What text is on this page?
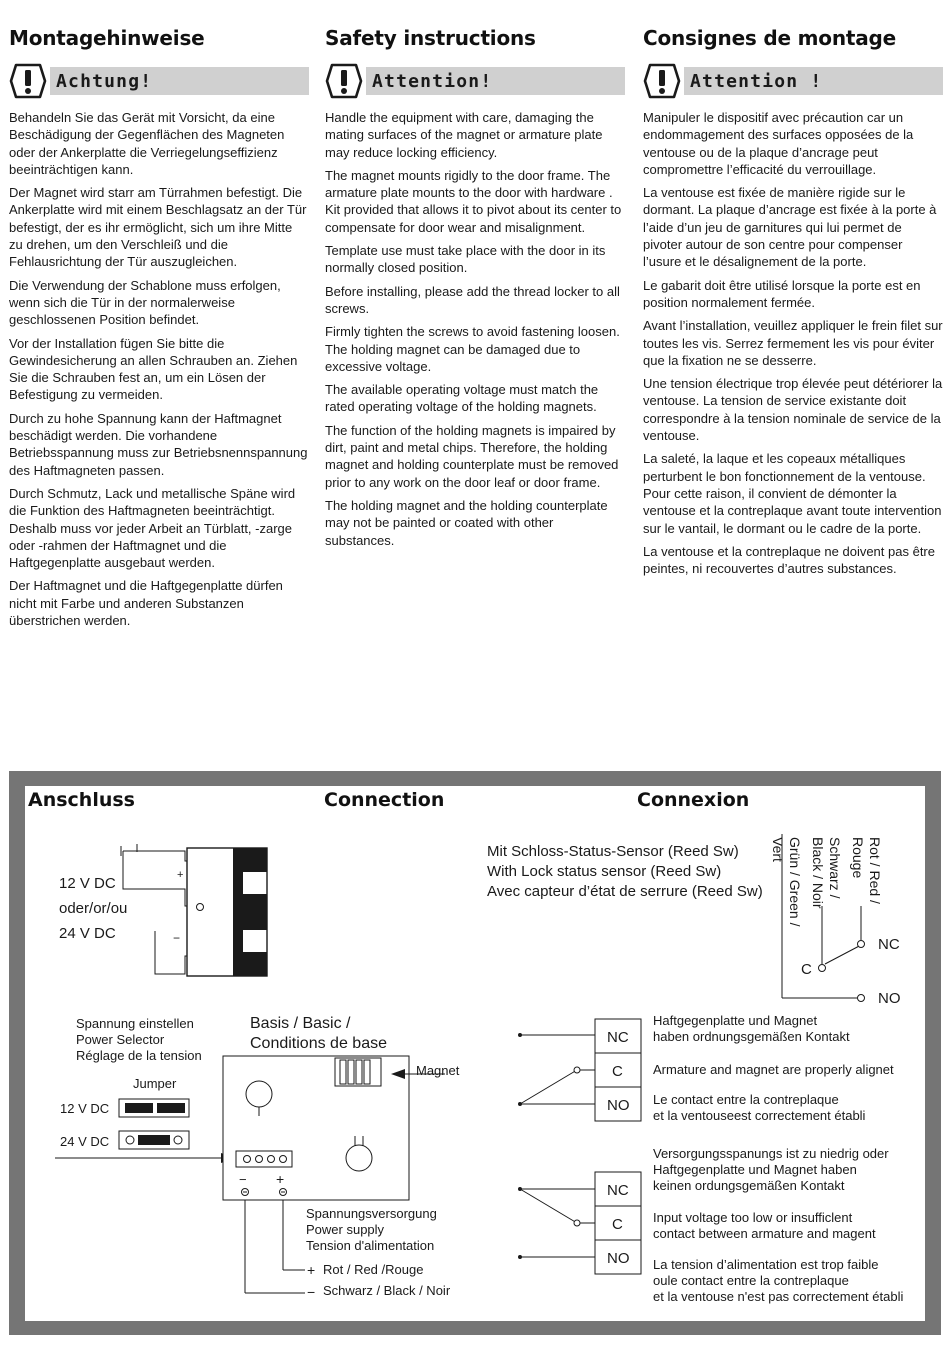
Montagehinweise
Achtung!

Behandeln Sie das Gerät mit Vorsicht, da eine Beschädigung der Gegenflächen des Magneten oder der Ankerplatte die Verriegelungseffizienz beeinträchtigen kann.

Der Magnet wird starr am Türrahmen befestigt. Die Ankerplatte wird mit einem Beschlagsatz an der Tür befestigt, der es ihr ermöglicht, sich um ihre Mitte zu drehen, um den Verschleiß und die Fehlausrichtung der Tür auszugleichen.

Die Verwendung der Schablone muss erfolgen, wenn sich die Tür in der normalerweise geschlossenen Position befindet.

Vor der Installation fügen Sie bitte die Gewindesicherung an allen Schrauben an. Ziehen Sie die Schrauben fest an, um ein Lösen der Befestigung zu vermeiden.

Durch zu hohe Spannung kann der Haftmagnet beschädigt werden. Die vorhandene Betriebsspannung muss zur Betriebsnennspannung des Haftmagneten passen.

Durch Schmutz, Lack und metallische Späne wird die Funktion des Haftmagneten beeinträchtigt. Deshalb muss vor jeder Arbeit an Türblatt, -zarge oder -rahmen der Haftmagnet und die Haftgegenplatte ausgebaut werden.

Der Haftmagnet und die Haftgegenplatte dürfen nicht mit Farbe und anderen Substanzen überstrichen werden.

Safety instructions
Attention!

Handle the equipment with care, damaging the mating surfaces of the magnet or armature plate may reduce locking efficiency.

The magnet mounts rigidly to the door frame. The armature plate mounts to the door with hardware . Kit provided that allows it to pivot about its center to compensate for door wear and misalignment.

Template use must take place with the door in its normally closed position.

Before installing, please add the thread locker to all screws.

Firmly tighten the screws to avoid fastening loosen. The holding magnet can be damaged due to excessive voltage.

The available operating voltage must match the rated operating voltage of the holding magnets.

The function of the holding magnets is impaired by dirt, paint and metal chips. Therefore, the holding magnet and holding counterplate must be removed prior to any work on the door leaf or door frame.

The holding magnet and the holding counterplate may not be painted or coated with other substances.

Consignes de montage
Attention !

Manipuler le dispositif avec précaution car un endommagement des surfaces opposées de la ventouse ou de la plaque d’ancrage peut compromettre l’efficacité du verrouillage.

La ventouse est fixée de manière rigide sur le dormant. La plaque d’ancrage est fixée à la porte à l’aide d’un jeu de garnitures qui lui permet de pivoter autour de son centre pour compenser l’usure et le désalignement de la porte.

Le gabarit doit être utilisé lorsque la porte est en position normalement fermée.

Avant l’installation, veuillez appliquer le frein filet sur toutes les vis. Serrez fermement les vis pour éviter que la fixation ne se desserre.

Une tension électrique trop élevée peut détériorer la ventouse. La tension de service existante doit correspondre à la tension nominale de service de la ventouse.

La saleté, la laque et les copeaux métalliques perturbent le bon fonctionnement de la ventouse. Pour cette raison, il convient de démonter la ventouse et la contreplaque avant toute intervention sur le vantail, le dormant ou le cadre de la porte.

La ventouse et la contreplaque ne doivent pas être peintes, ni recouvertes d’autres substances.

Anschluss	Connection	Connexion
+
−
12 V DC
oder/or/ou
24 V DC
Mit Schloss-Status-Sensor (Reed Sw)
With Lock status sensor (Reed Sw)
Avec capteur d’état de serrure (Reed Sw)	Rot / Red /
Rouge
Schwarz /
Black / Noir
Grün / Green /
Vert
NC
C
NO
Spannung einstellen
Power Selector
Réglage de la tension
Jumper
12 V DC
24 V DC
Basis / Basic /
Conditions de base
Magnet
− +
Spannungsversorgung
Power supply
Tension d'alimentation
+ Rot / Red /Rouge
− Schwarz / Black / Noir
NC
C
NO
Haftgegenplatte und Magnet
haben ordnungsgemäßen Kontakt
Armature and magnet are properly alignet
Le contact entre la contreplaque
et la ventouseest correctement établi
NC
C
NO
Versorgungsspanungs ist zu niedrig oder
Haftgegenplatte und Magnet haben
keinen ordungsgemäßen Kontakt
Input voltage too low or insufficlent
contact between armature and magent
La tension d’alimentation est trop faible
oule contact entre la contreplaque
et la ventouse n'est pas correctement établi
